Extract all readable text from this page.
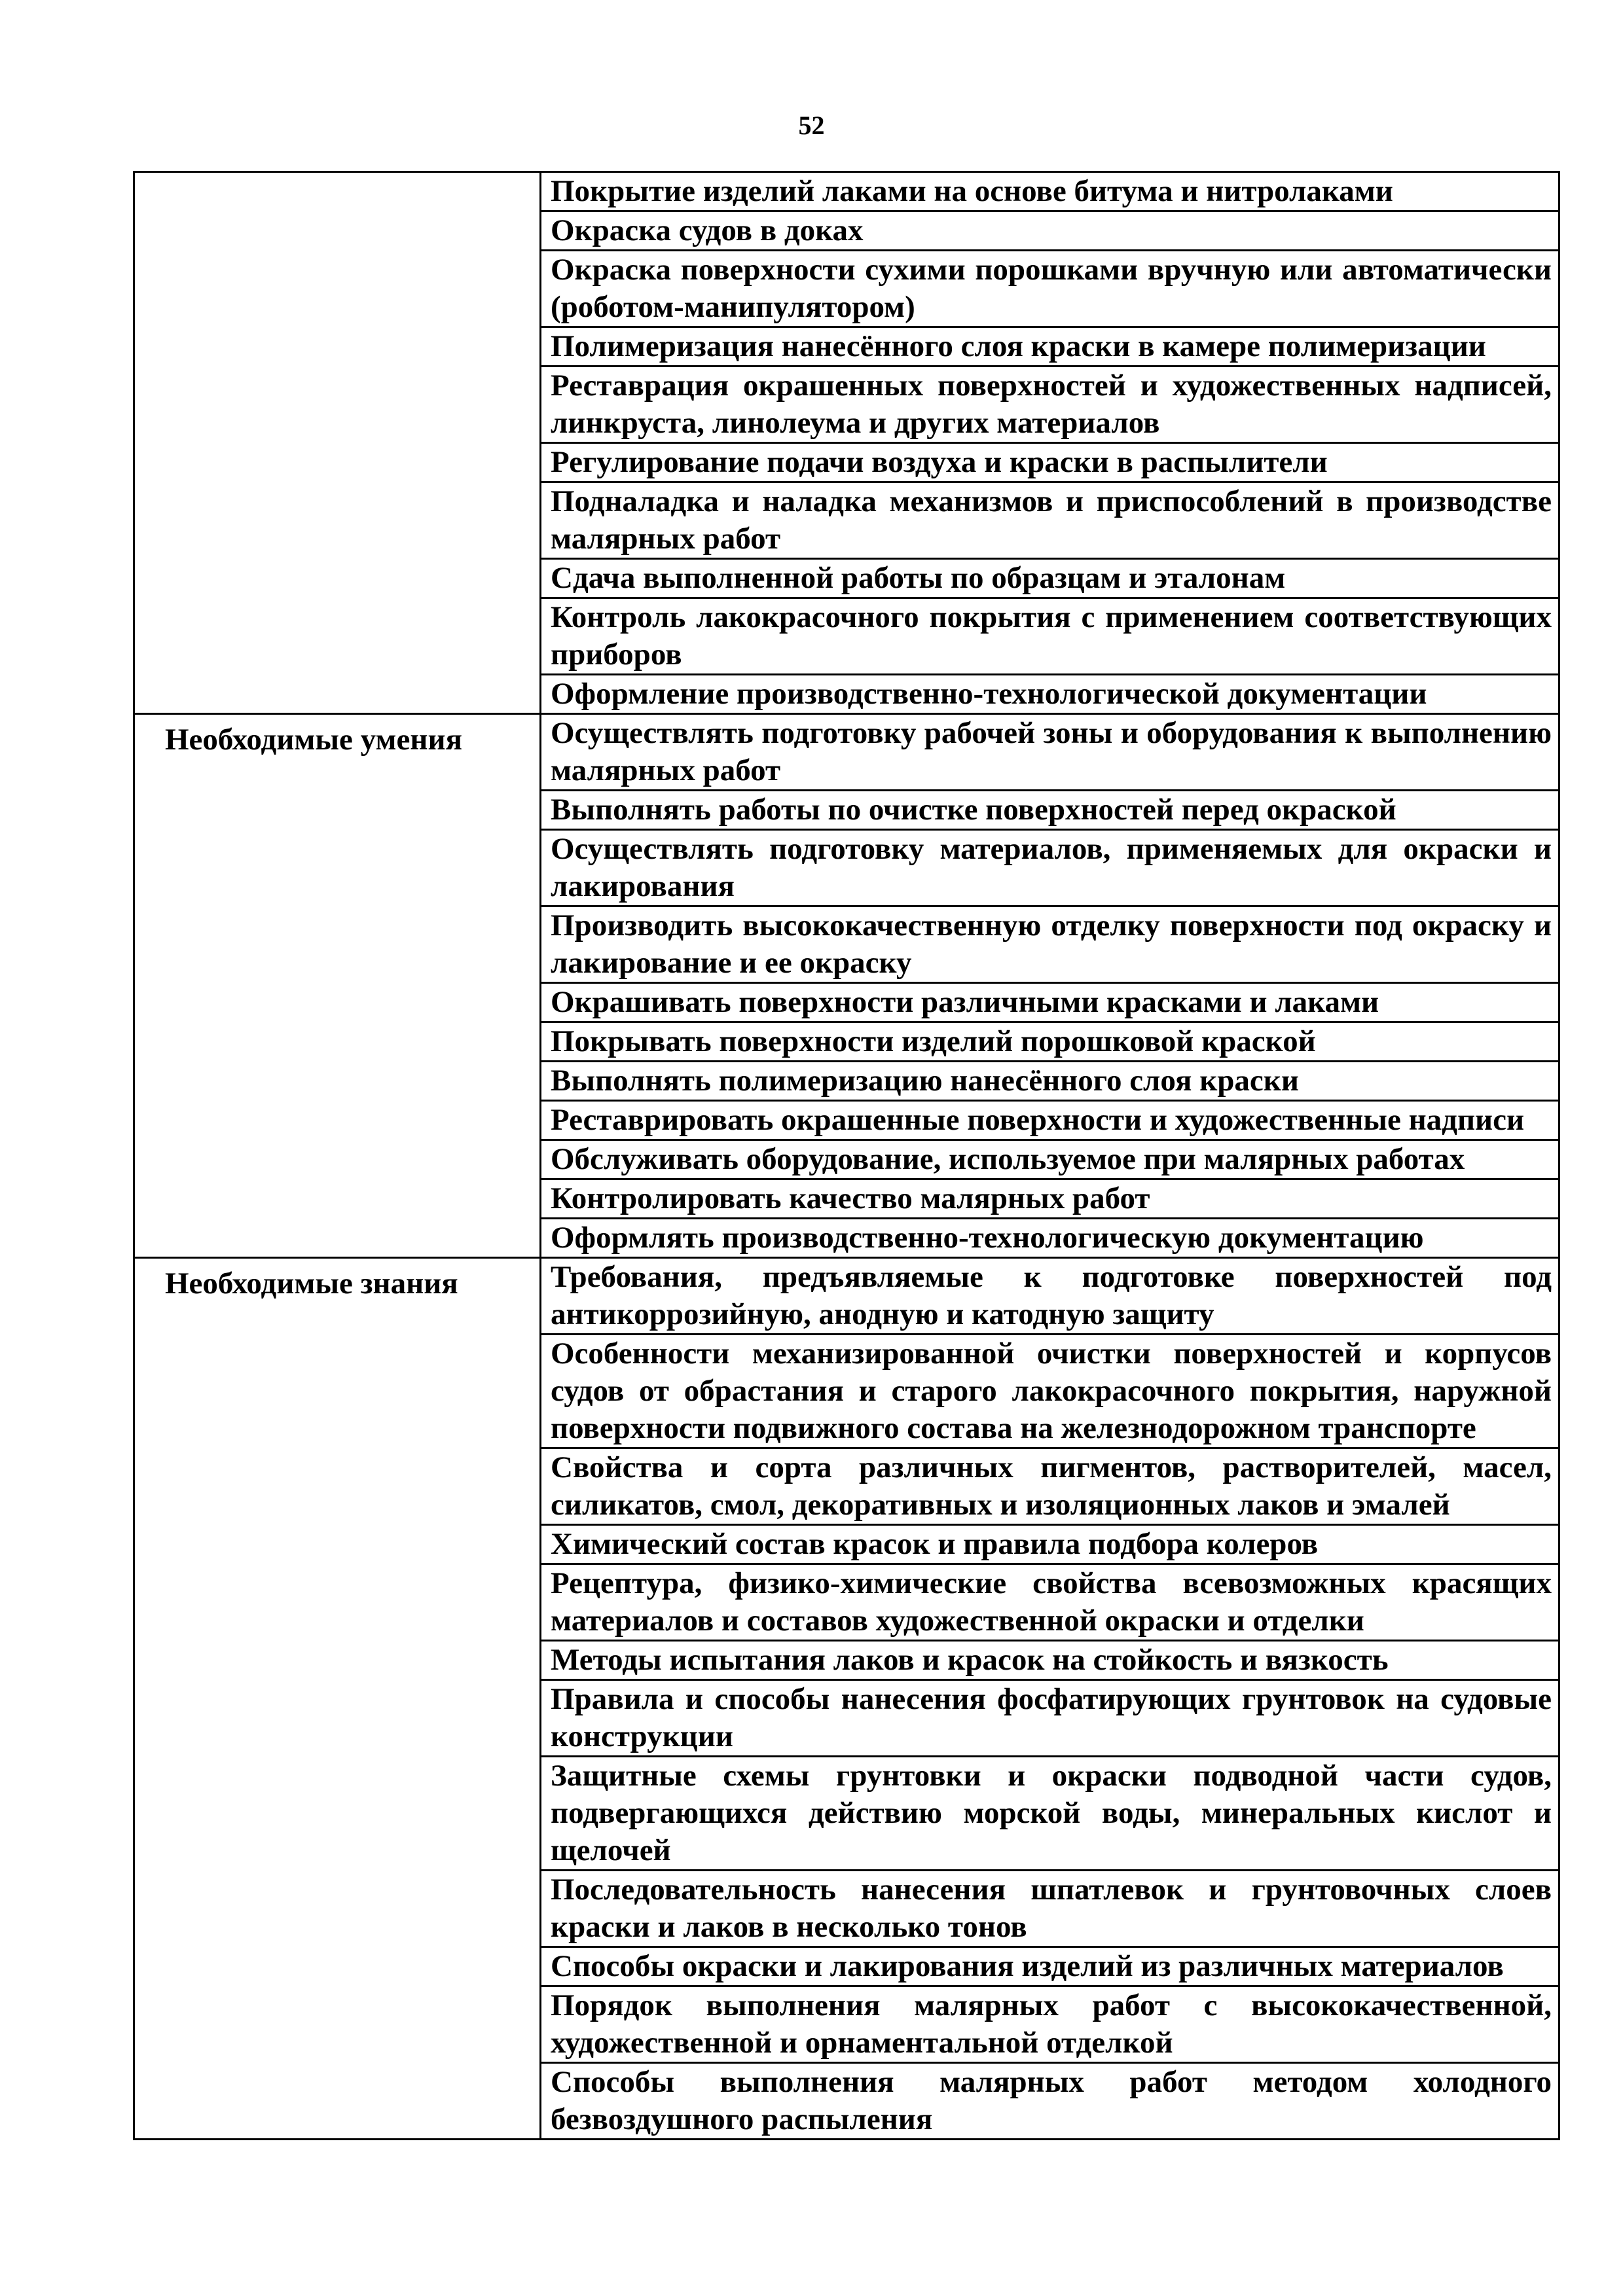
52
	Покрытие изделий лаками на основе битума и нитролаками
	Окраска судов в доках
	Окраска поверхности сухими порошками вручную или автоматически (роботом-манипулятором)
	Полимеризация нанесённого слоя краски в камере полимеризации
	Реставрация окрашенных поверхностей и художественных надписей, линкруста, линолеума и других материалов
	Регулирование подачи воздуха и краски в распылители
	Подналадка и наладка механизмов и приспособлений в производстве малярных работ
	Сдача выполненной работы по образцам и эталонам
	Контроль лакокрасочного покрытия с применением соответствующих приборов
	Оформление производственно-технологической документации
Необходимые умения	Осуществлять подготовку рабочей зоны и оборудования к выполнению малярных работ
	Выполнять работы по очистке поверхностей перед окраской
	Осуществлять подготовку материалов, применяемых для окраски и лакирования
	Производить высококачественную отделку поверхности под окраску и лакирование и ее окраску
	Окрашивать поверхности различными красками и лаками
	Покрывать поверхности изделий порошковой краской
	Выполнять полимеризацию нанесённого слоя краски
	Реставрировать окрашенные поверхности и художественные надписи
	Обслуживать оборудование, используемое при малярных работах
	Контролировать качество малярных работ
	Оформлять производственно-технологическую документацию
Необходимые знания	Требования, предъявляемые к подготовке поверхностей под антикоррозийную, анодную и катодную защиту
	Особенности механизированной очистки поверхностей и корпусов судов от обрастания и старого лакокрасочного покрытия, наружной поверхности подвижного состава на железнодорожном транспорте
	Свойства и сорта различных пигментов, растворителей, масел, силикатов, смол, декоративных и изоляционных лаков и эмалей
	Химический состав красок и правила подбора колеров
	Рецептура, физико-химические свойства всевозможных красящих материалов и составов художественной окраски и отделки
	Методы испытания лаков и красок на стойкость и вязкость
	Правила и способы нанесения фосфатирующих грунтовок на судовые конструкции
	Защитные схемы грунтовки и окраски подводной части судов, подвергающихся действию морской воды, минеральных кислот и щелочей
	Последовательность нанесения шпатлевок и грунтовочных слоев краски и лаков в несколько тонов
	Способы окраски и лакирования изделий из различных материалов
	Порядок выполнения малярных работ с высококачественной, художественной и орнаментальной отделкой
	Способы выполнения малярных работ методом холодного безвоздушного распыления
